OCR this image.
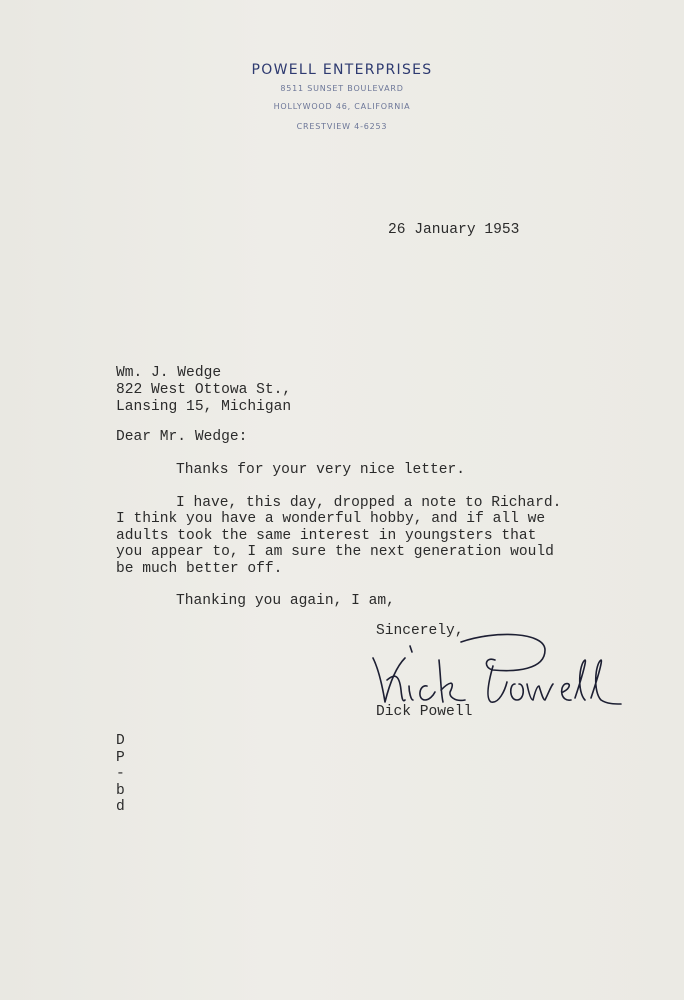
POWELL ENTERPRISES
8511 SUNSET BOULEVARD
HOLLYWOOD 46, CALIFORNIA
CRESTVIEW 4-6253
26 January 1953
Wm. J. Wedge
822 West Ottowa St.,
Lansing 15, Michigan
Dear Mr. Wedge:
Thanks for your very nice letter.
I have, this day, dropped a note to Richard.
I think you have a wonderful hobby, and if all we
adults took the same interest in youngsters that
you appear to, I am sure the next generation would
be much better off.
Thanking you again, I am,
Sincerely,
Dick Powell
D
P
-
b
d
